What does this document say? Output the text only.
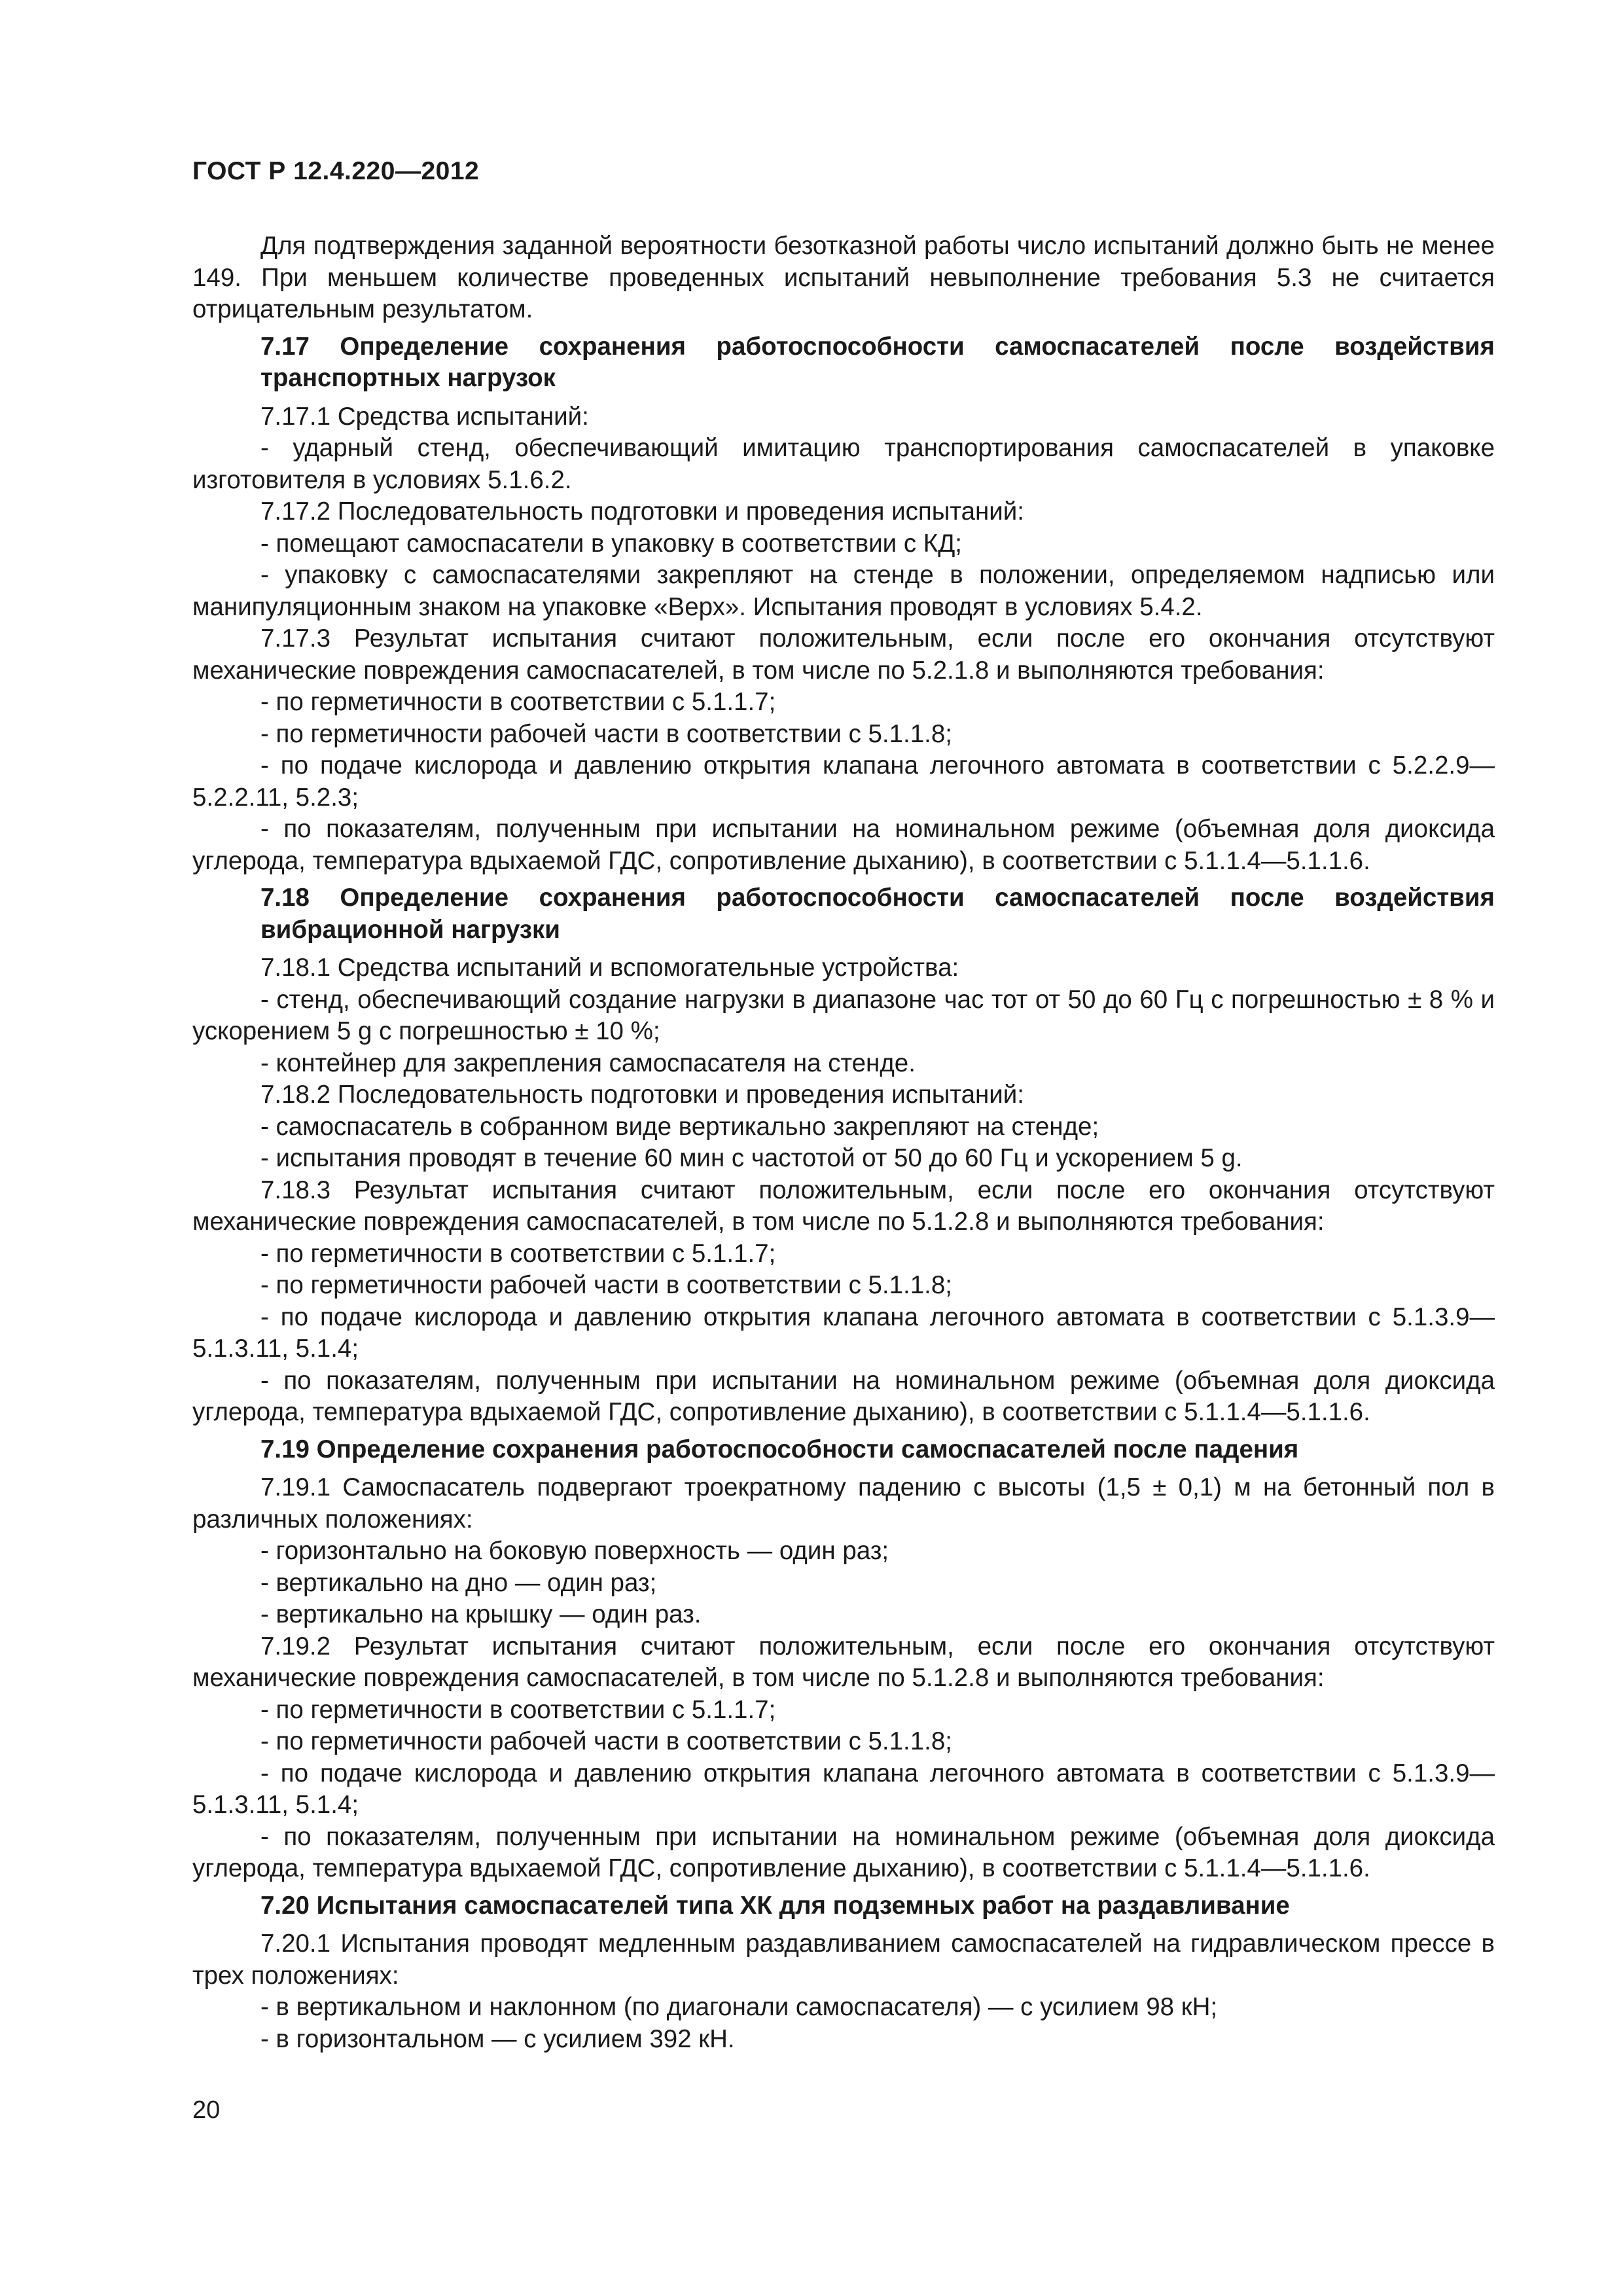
ГОСТ Р 12.4.220—2012
Для подтверждения заданной вероятности безотказной работы число испытаний должно быть не менее 149. При меньшем количестве проведенных испытаний невыполнение требования 5.3 не считается отрицательным результатом.
7.17 Определение сохранения работоспособности самоспасателей после воздействия транспортных нагрузок
7.17.1 Средства испытаний:
- ударный стенд, обеспечивающий имитацию транспортирования самоспасателей в упаковке изготовителя в условиях 5.1.6.2.
7.17.2 Последовательность подготовки и проведения испытаний:
- помещают самоспасатели в упаковку в соответствии с КД;
- упаковку с самоспасателями закрепляют на стенде в положении, определяемом надписью или манипуляционным знаком на упаковке «Верх». Испытания проводят в условиях 5.4.2.
7.17.3 Результат испытания считают положительным, если после его окончания отсутствуют механические повреждения самоспасателей, в том числе по 5.2.1.8 и выполняются требования:
- по герметичности в соответствии с 5.1.1.7;
- по герметичности рабочей части в соответствии с 5.1.1.8;
- по подаче кислорода и давлению открытия клапана легочного автомата в соответствии с 5.2.2.9—5.2.2.11, 5.2.3;
- по показателям, полученным при испытании на номинальном режиме (объемная доля диоксида углерода, температура вдыхаемой ГДС, сопротивление дыханию), в соответствии с 5.1.1.4—5.1.1.6.
7.18 Определение сохранения работоспособности самоспасателей после воздействия вибрационной нагрузки
7.18.1 Средства испытаний и вспомогательные устройства:
- стенд, обеспечивающий создание нагрузки в диапазоне час тот от 50 до 60 Гц с погрешностью ± 8 % и ускорением 5 g с погрешностью ± 10 %;
- контейнер для закрепления самоспасателя на стенде.
7.18.2 Последовательность подготовки и проведения испытаний:
- самоспасатель в собранном виде вертикально закрепляют на стенде;
- испытания проводят в течение 60 мин с частотой от 50 до 60 Гц и ускорением 5 g.
7.18.3 Результат испытания считают положительным, если после его окончания отсутствуют механические повреждения самоспасателей, в том числе по 5.1.2.8 и выполняются требования:
- по герметичности в соответствии с 5.1.1.7;
- по герметичности рабочей части в соответствии с 5.1.1.8;
- по подаче кислорода и давлению открытия клапана легочного автомата в соответствии с 5.1.3.9—5.1.3.11, 5.1.4;
- по показателям, полученным при испытании на номинальном режиме (объемная доля диоксида углерода, температура вдыхаемой ГДС, сопротивление дыханию), в соответствии с 5.1.1.4—5.1.1.6.
7.19 Определение сохранения работоспособности самоспасателей после падения
7.19.1 Самоспасатель подвергают троекратному падению с высоты (1,5 ± 0,1) м на бетонный пол в различных положениях:
- горизонтально на боковую поверхность — один раз;
- вертикально на дно — один раз;
- вертикально на крышку — один раз.
7.19.2 Результат испытания считают положительным, если после его окончания отсутствуют механические повреждения самоспасателей, в том числе по 5.1.2.8 и выполняются требования:
- по герметичности в соответствии с 5.1.1.7;
- по герметичности рабочей части в соответствии с 5.1.1.8;
- по подаче кислорода и давлению открытия клапана легочного автомата в соответствии с 5.1.3.9—5.1.3.11, 5.1.4;
- по показателям, полученным при испытании на номинальном режиме (объемная доля диоксида углерода, температура вдыхаемой ГДС, сопротивление дыханию), в соответствии с 5.1.1.4—5.1.1.6.
7.20 Испытания самоспасателей типа ХК для подземных работ на раздавливание
7.20.1 Испытания проводят медленным раздавливанием самоспасателей на гидравлическом прессе в трех положениях:
- в вертикальном и наклонном (по диагонали самоспасателя) — с усилием 98 кН;
- в горизонтальном — с усилием 392 кН.
20
